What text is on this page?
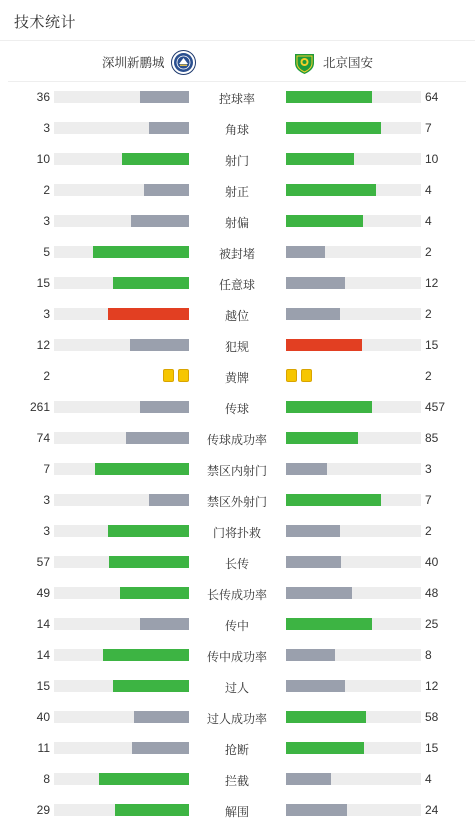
技术统计
深圳新鹏城	北京国安
36	控球率	64
3	角球	7
10	射门	10
2	射正	4
3	射偏	4
5	被封堵	2
15	任意球	12
3	越位	2
12	犯规	15
2	黄牌	2
261	传球	457
74	传球成功率	85
7	禁区内射门	3
3	禁区外射门	7
3	门将扑救	2
57	长传	40
49	长传成功率	48
14	传中	25
14	传中成功率	8
15	过人	12
40	过人成功率	58
11	抢断	15
8	拦截	4
29	解围	24
